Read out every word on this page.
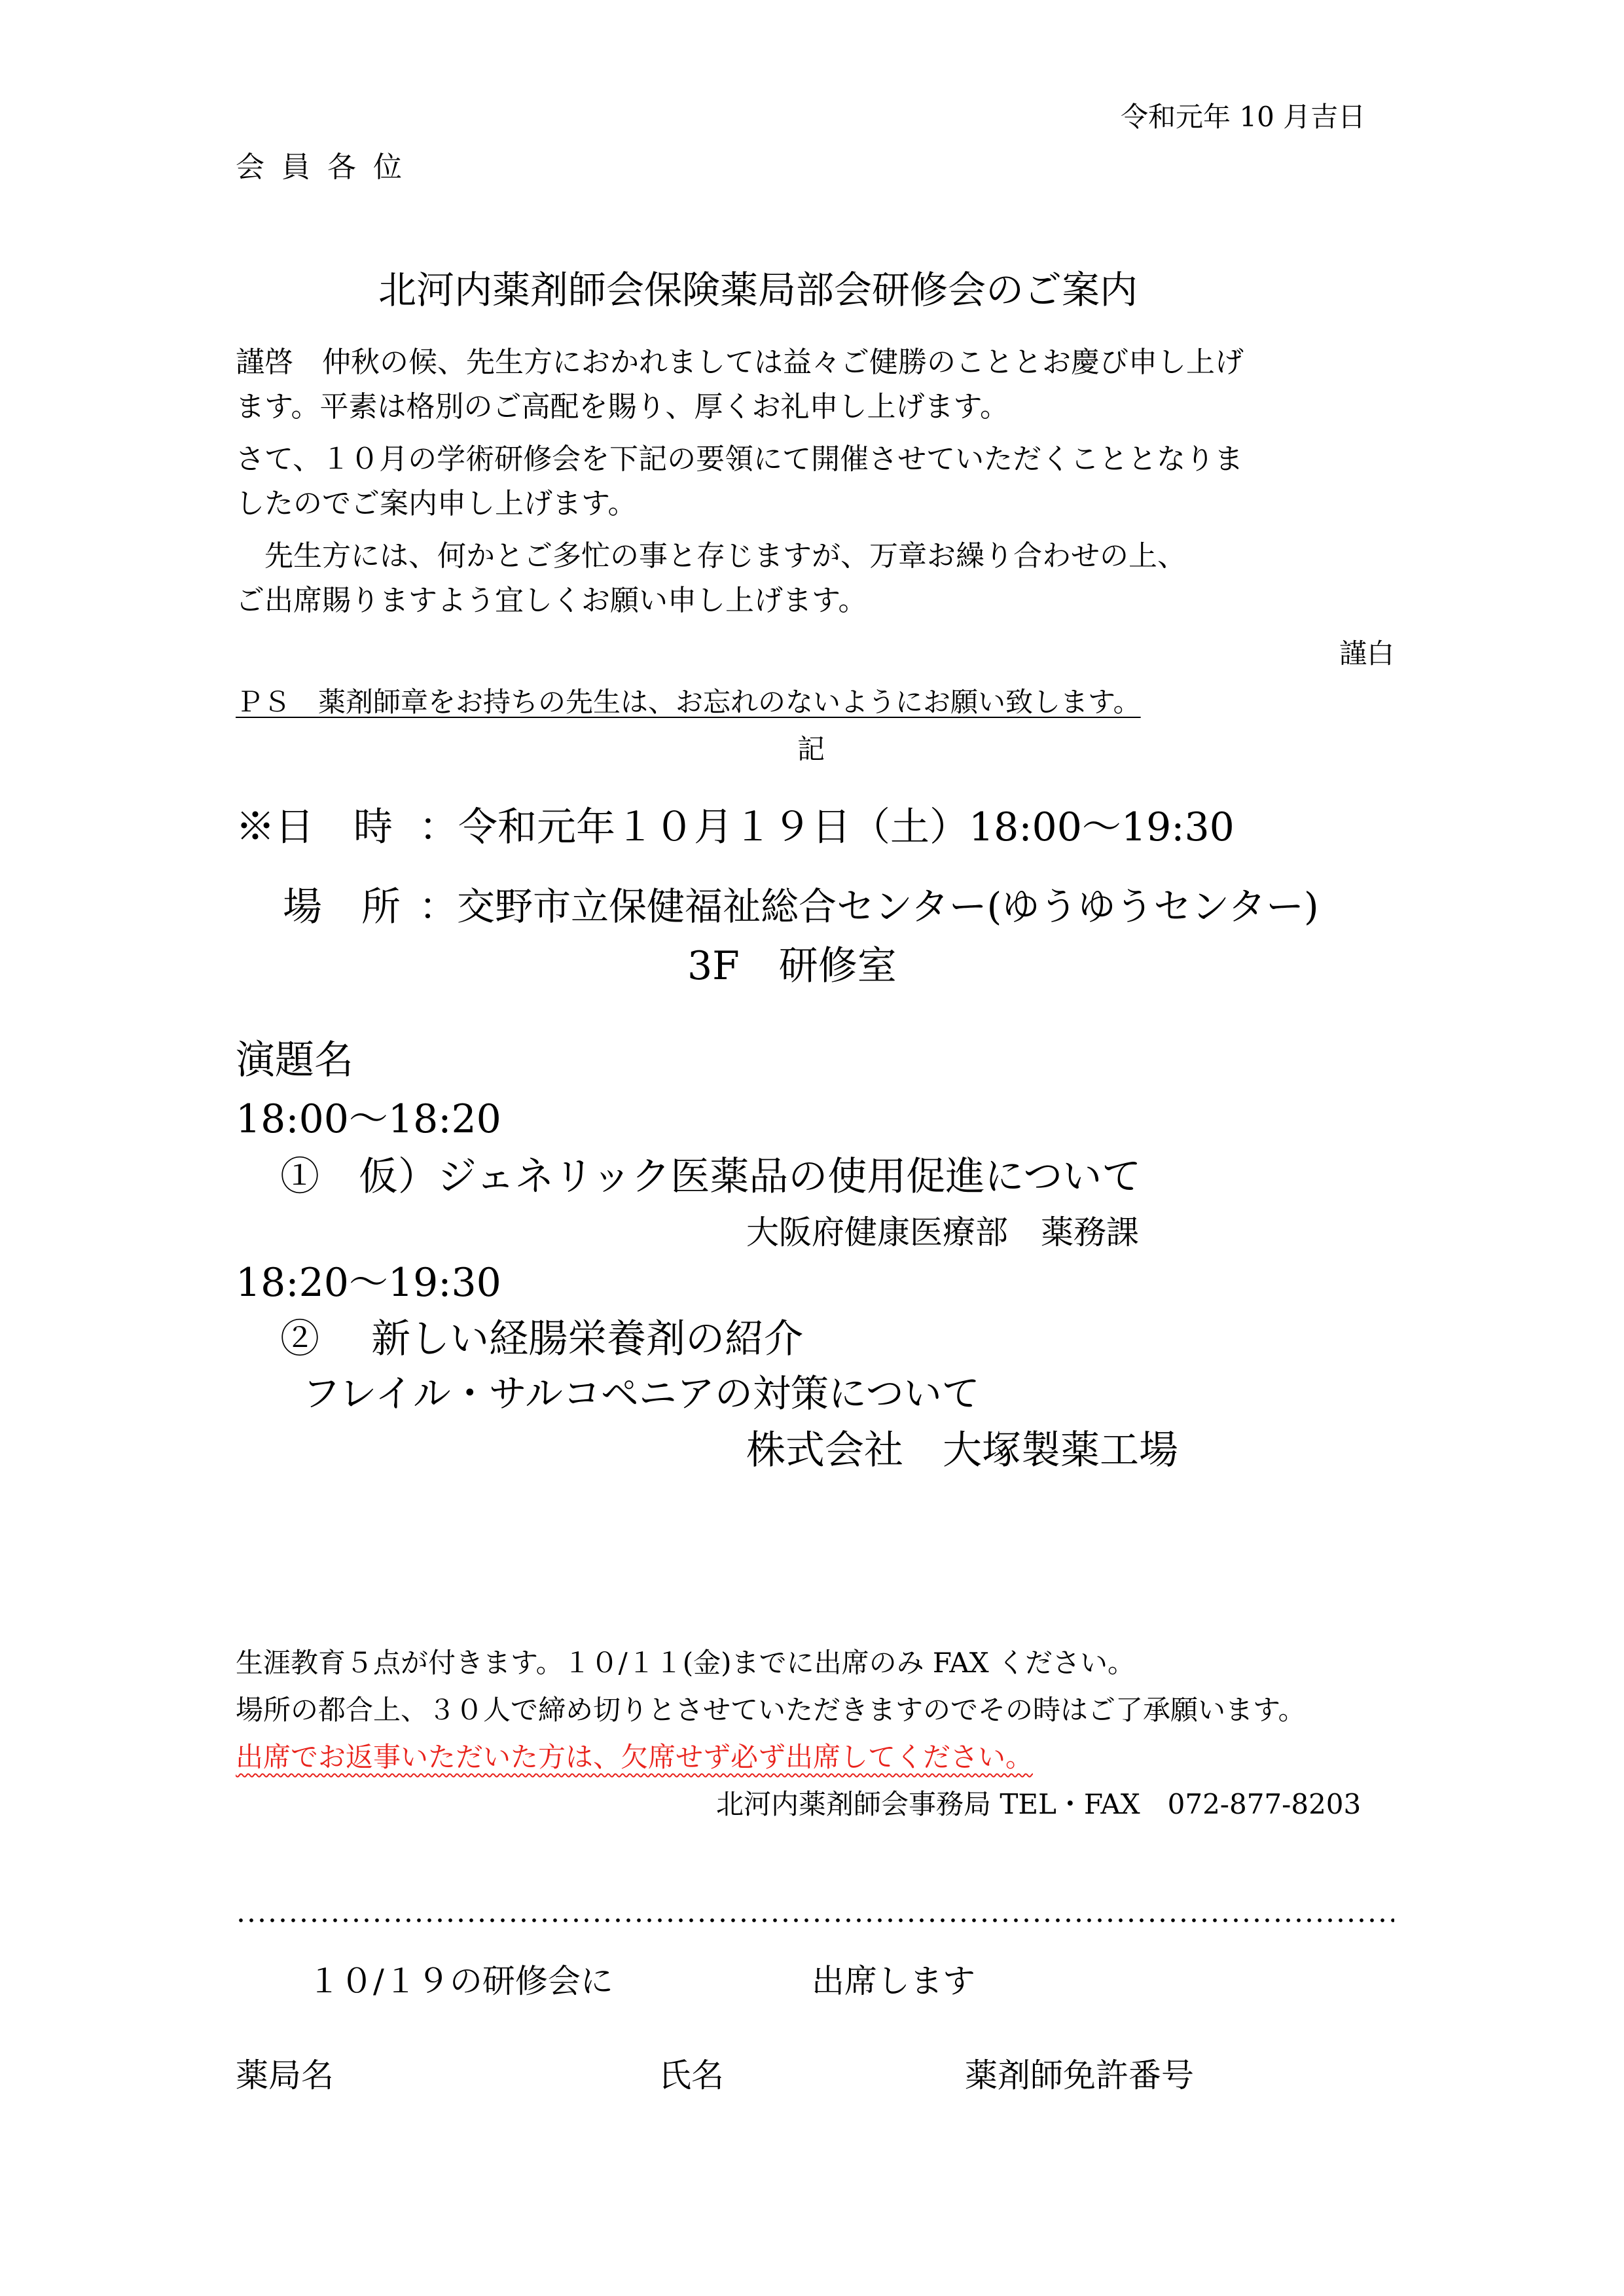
令和元年 10 月吉日
会 員 各 位
北河内薬剤師会保険薬局部会研修会のご案内
謹啓　仲秋の候、先生方におかれましては益々ご健勝のこととお慶び申し上げ
ます。平素は格別のご高配を賜り、厚くお礼申し上げます。
さて、１０月の学術研修会を下記の要領にて開催させていただくこととなりま
したのでご案内申し上げます。
　先生方には、何かとご多忙の事と存じますが、万章お繰り合わせの上、
ご出席賜りますよう宜しくお願い申し上げます。
謹白
ＰＳ　薬剤師章をお持ちの先生は、お忘れのないようにお願い致します。
記
※日　時 ：令和元年１０月１９日（土）18:00～19:30
場　所 ：交野市立保健福祉総合センター(ゆうゆうセンター)
3F　研修室
演題名
18:00～18:20
①　仮）ジェネリック医薬品の使用促進について
大阪府健康医療部　薬務課
18:20～19:30
②　 新しい経腸栄養剤の紹介
フレイル・サルコペニアの対策について
株式会社　大塚製薬工場
生涯教育５点が付きます。１０/１１(金)までに出席のみ FAX ください。
場所の都合上、３０人で締め切りとさせていただきますのでその時はご了承願います。
出席でお返事いただいた方は、欠席せず必ず出席してください。
北河内薬剤師会事務局 TEL・FAX　072-877-8203
１０/１９の研修会に	出席します
薬局名	氏名	薬剤師免許番号
